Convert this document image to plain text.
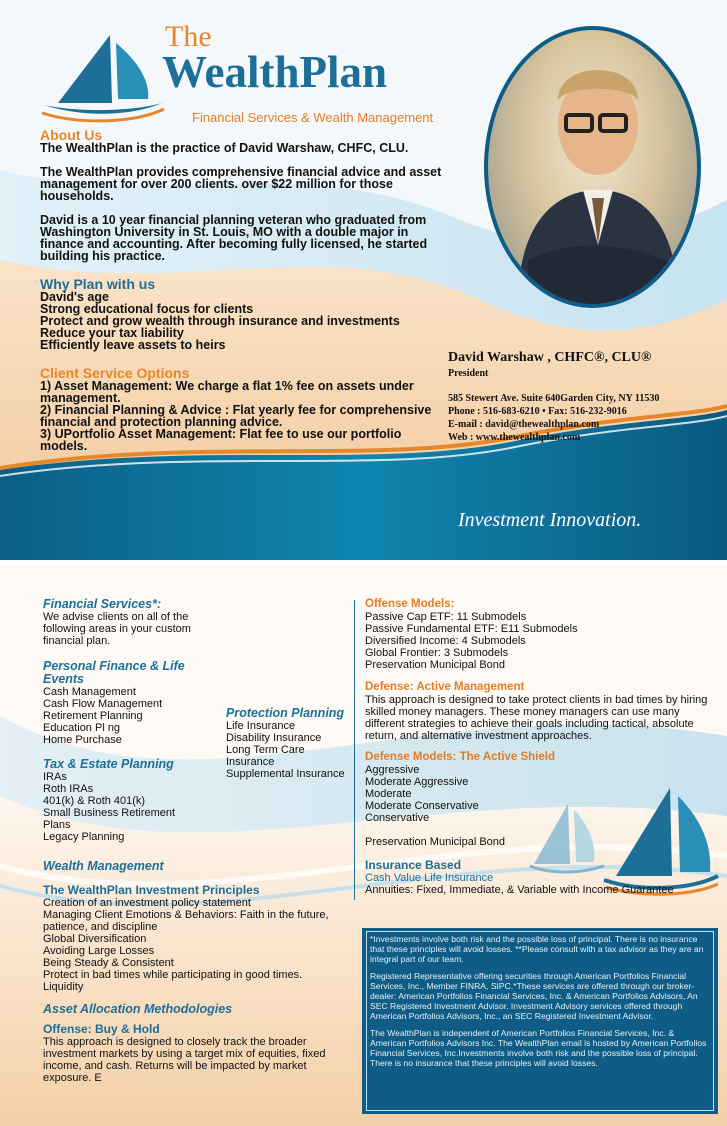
The
WealthPlan
Financial Services & Wealth Management
About Us
The WealthPlan is the practice of David Warshaw, CHFC, CLU.
The WealthPlan provides comprehensive financial advice and asset management for over 200 clients. over $22 million for those households.
David is a 10 year financial planning veteran who graduated from Washington University in St. Louis, MO with a double major in finance and accounting. After becoming fully licensed, he started building his practice.
Why Plan with us
David's age
Strong educational focus for clients
Protect and grow wealth through insurance and investments
Reduce your tax liability
Efficiently leave assets to heirs
Client Service Options
1) Asset Management: We charge a flat 1% fee on assets under management.
2) Financial Planning & Advice : Flat yearly fee for comprehensive financial and protection planning advice.
3) UPortfolio Asset Management: Flat fee to use our portfolio models.
David Warshaw , CHFC®, CLU®
President
585 Stewert Ave. Suite 640Garden City, NY 11530
Phone : 516-683-6210 • Fax: 516-232-9016
E-mail : david@thewealthplan.com
Web : www.thewealthplan.com
Investment Innovation.
Financial Services*:
We advise clients on all of the following areas in your custom financial plan.
Personal Finance & Life Events
Cash Management
Cash Flow Management
Retirement Planning
Education Pl ng
Home Purchase
Protection Planning
Life Insurance
Disability Insurance
Long Term Care Insurance
Supplemental Insurance
Tax & Estate Planning
IRAs
Roth IRAs
401(k) & Roth 401(k)
Small Business Retirement Plans
Legacy Planning
Wealth Management
The WealthPlan Investment Principles
Creation of an investment policy statement
Managing Client Emotions & Behaviors: Faith in the future, patience, and discipline
Global Diversification
Avoiding Large Losses
Being Steady & Consistent
Protect in bad times while participating in good times.
Liquidity
Asset Allocation Methodologies
Offense: Buy & Hold
This approach is designed to closely track the broader investment markets by using a target mix of equities, fixed income, and cash. Returns will be impacted by market exposure. E
Offense Models:
Passive Cap ETF: 11 Submodels
Passive Fundamental ETF: E11 Submodels
Diversified Income: 4 Submodels
Global Frontier: 3 Submodels
Preservation Municipal Bond
Defense: Active Management
This approach is designed to take protect clients in bad times by hiring skilled money managers. These money managers can use many different strategies to achieve their goals including tactical, absolute return, and alternative investment approaches.
Defense Models: The Active Shield
Aggressive
Moderate Aggressive
Moderate
Moderate Conservative
Conservative
Preservation Municipal Bond
Insurance Based
Cash Value Life Insurance
Annuities: Fixed, Immediate, & Variable with Income Guarantee

*Investments involve both risk and the possible loss of principal. There is no insurance that these principles will avoid losses. **Please consult with a tax advisor as they are an integral part of our team.

Registered Representative offering securities through American Portfolios Financial Services, Inc., Member FINRA, SIPC.*These services are offered through our broker-dealer: American Portfolios Financial Services, Inc. & American Portfolios Advisors, An SEC Registered Investment Advisor. Investment Advisory services offered through American Portfolios Advisors, Inc., an SEC Registered Investment Advisor.

The WealthPlan is independent of American Portfolios Financial Services, Inc. & American Portfolios Advisors Inc. The WealthPlan email is hosted by American Portfolios Financial Services, Inc.Investments involve both risk and the possible loss of principal. There is no insurance that these principles will avoid losses.
